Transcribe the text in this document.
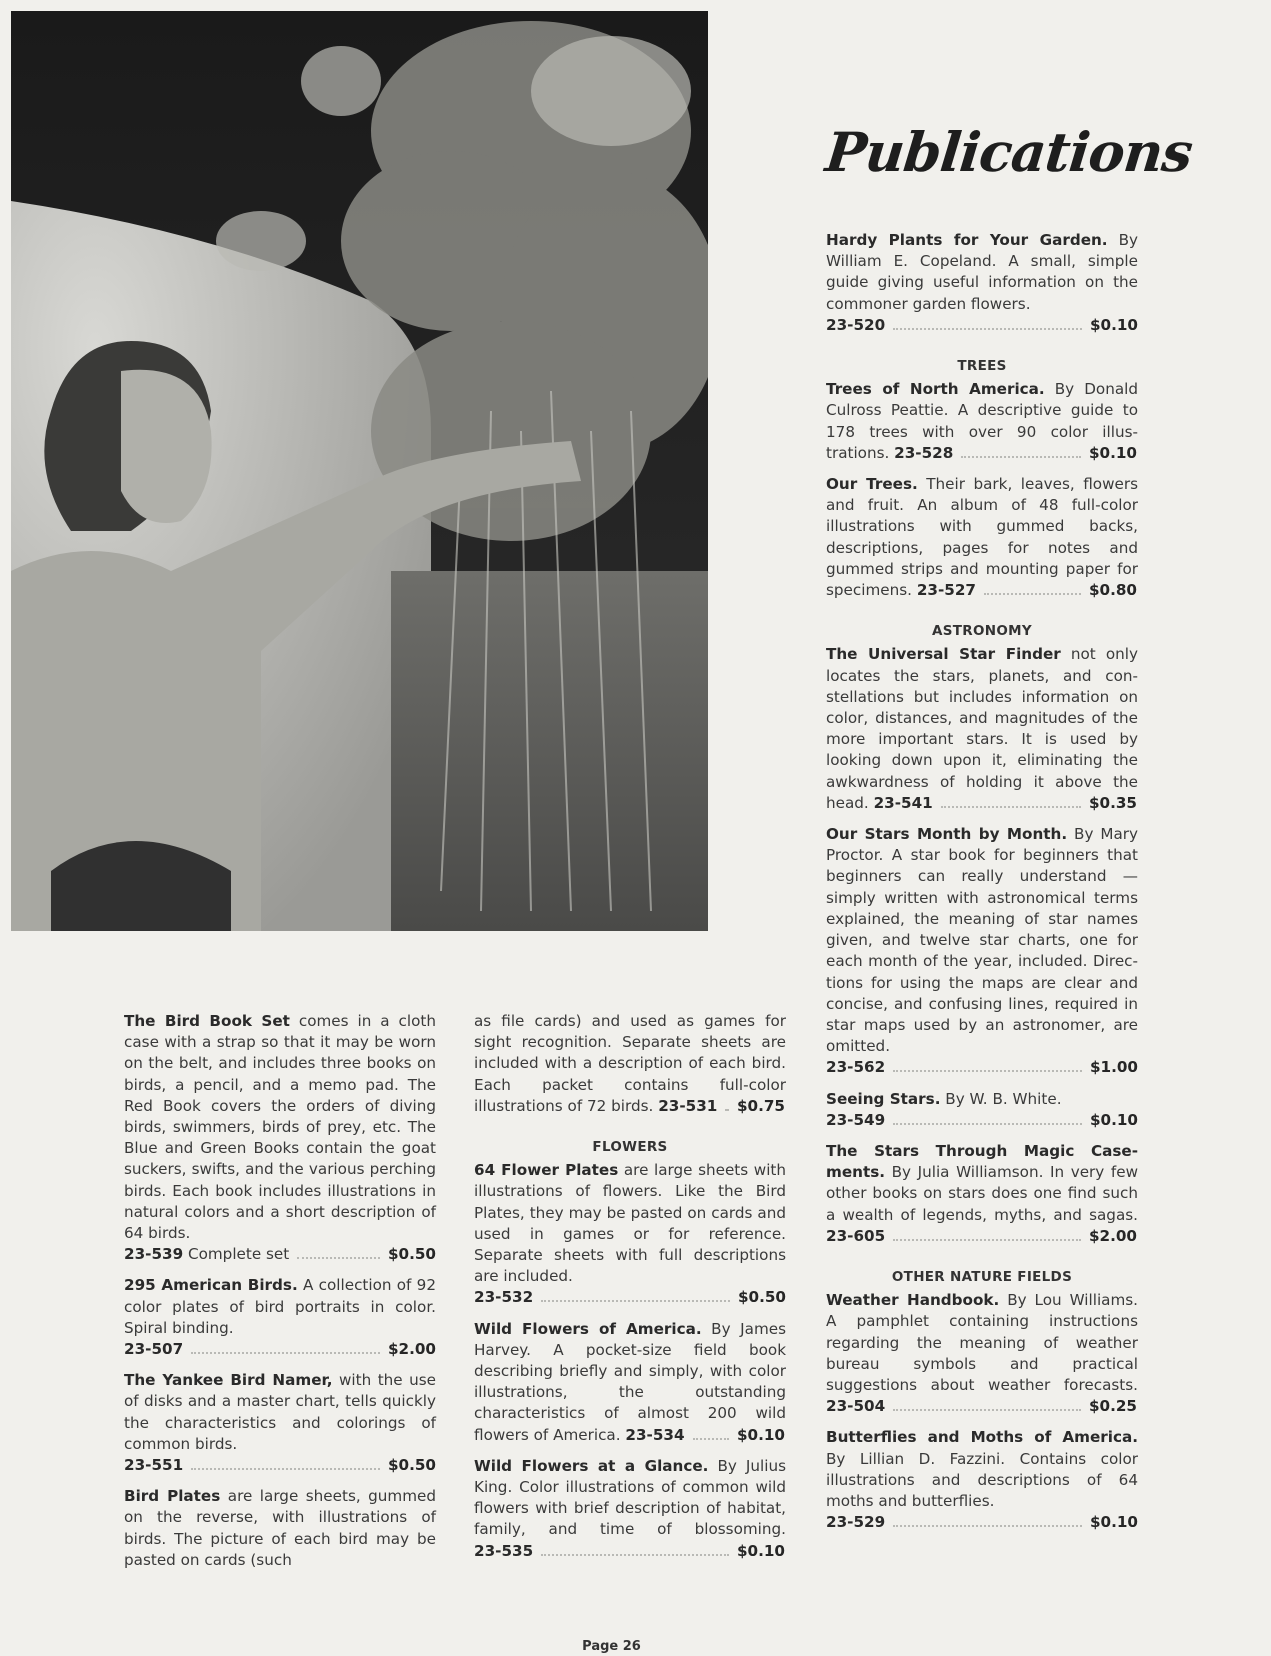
Publications
The Bird Book Set comes in a cloth case with a strap so that it may be worn on the belt, and includes three books on birds, a pencil, and a memo pad. The Red Book covers the orders of diving birds, swimmers, birds of prey, etc. The Blue and Green Books contain the goat suckers, swifts, and the various perching birds. Each book includes illustrations in natural colors and a short description of 64 birds.
23-539 Complete set	$0.50
295 American Birds. A collection of 92 color plates of bird portraits in color. Spiral binding.
23-507	$2.00
The Yankee Bird Namer, with the use of disks and a master chart, tells quickly the characteristics and colorings of common birds.
23-551	$0.50
Bird Plates are large sheets, gummed on the reverse, with illustrations of birds. The picture of each bird may be pasted on cards (such
as file cards) and used as games for sight recognition. Separate sheets are included with a description of each bird. Each packet contains full-color illustrations of 72 birds. 23-531 $0.75
FLOWERS
64 Flower Plates are large sheets with illustrations of flowers. Like the Bird Plates, they may be pasted on cards and used in games or for reference. Separate sheets with full descriptions are included.
23-532	$0.50
Wild Flowers of America. By James Harvey. A pocket-size field book describing briefly and simply, with color illustrations, the outstanding characteristics of almost 200 wild flowers of America. 23-534	$0.10
Wild Flowers at a Glance. By Julius King. Color illustrations of common wild flowers with brief description of habitat, family, and time of blossoming.
23-535	$0.10
Hardy Plants for Your Garden. By William E. Copeland. A small, simple guide giving useful information on the commoner garden flowers.
23-520	$0.10
TREES
Trees of North America. By Donald Culross Peattie. A descriptive guide to 178 trees with over 90 color illustrations. 23-528	$0.10
Our Trees. Their bark, leaves, flowers and fruit. An album of 48 full-color illustrations with gummed backs, descriptions, pages for notes and gummed strips and mounting paper for specimens. 23-527	$0.80
ASTRONOMY
The Universal Star Finder not only locates the stars, planets, and constellations but includes information on color, distances, and magnitudes of the more important stars. It is used by looking down upon it, eliminating the awkwardness of holding it above the head. 23-541	$0.35
Our Stars Month by Month. By Mary Proctor. A star book for beginners that beginners can really understand — simply written with astronomical terms explained, the meaning of star names given, and twelve star charts, one for each month of the year, included. Directions for using the maps are clear and concise, and confusing lines, required in star maps used by an astronomer, are omitted.
23-562	$1.00
Seeing Stars. By W. B. White.
23-549	$0.10
The Stars Through Magic Casements. By Julia Williamson. In very few other books on stars does one find such a wealth of legends, myths, and sagas.
23-605	$2.00
OTHER NATURE FIELDS
Weather Handbook. By Lou Williams. A pamphlet containing instructions regarding the meaning of weather bureau symbols and practical suggestions about weather forecasts.
23-504	$0.25
Butterflies and Moths of America. By Lillian D. Fazzini. Contains color illustrations and descriptions of 64 moths and butterflies.
23-529	$0.10
Page 26
